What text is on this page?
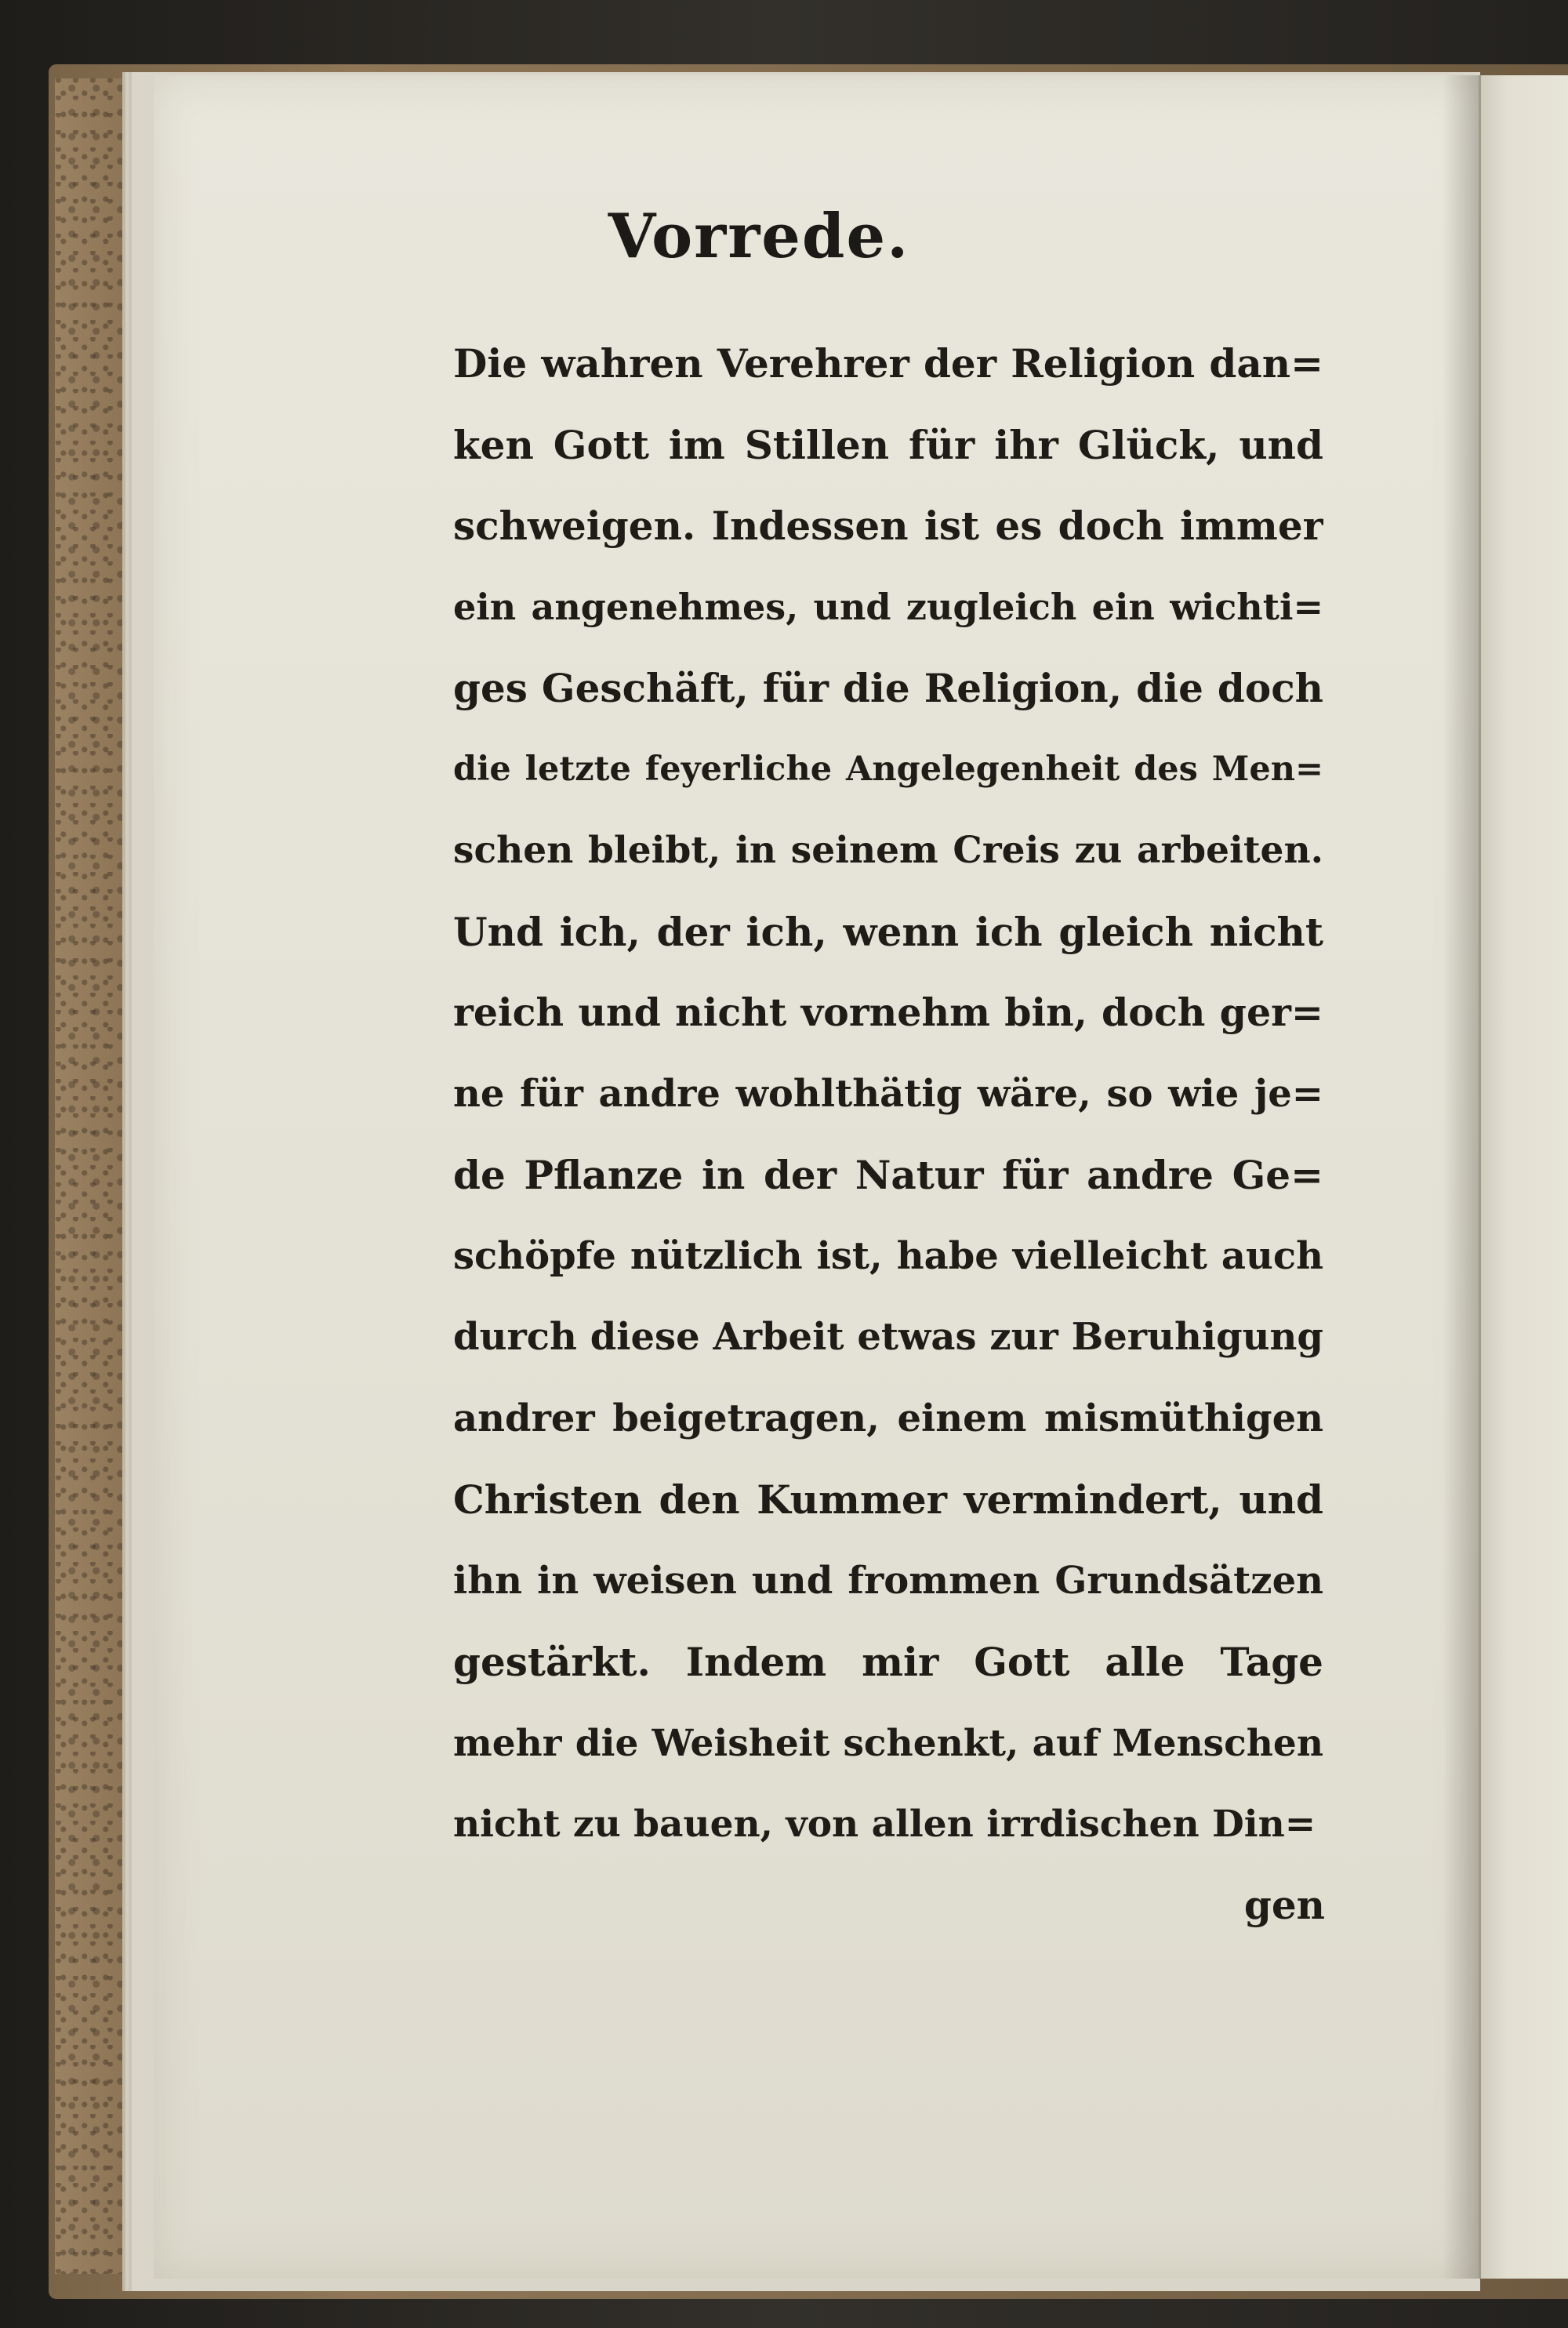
Vorrede.
Die wahren Verehrer der Religion dan=
ken Gott im Stillen für ihr Glück, und
schweigen. Indessen ist es doch immer
ein angenehmes, und zugleich ein wichti=
ges Geschäft, für die Religion, die doch
die letzte feyerliche Angelegenheit des Men=
schen bleibt, in seinem Creis zu arbeiten.
Und ich, der ich, wenn ich gleich nicht
reich und nicht vornehm bin, doch ger=
ne für andre wohlthätig wäre, so wie je=
de Pflanze in der Natur für andre Ge=
schöpfe nützlich ist, habe vielleicht auch
durch diese Arbeit etwas zur Beruhigung
andrer beigetragen, einem mismüthigen
Christen den Kummer vermindert, und
ihn in weisen und frommen Grundsätzen
gestärkt. Indem mir Gott alle Tage
mehr die Weisheit schenkt, auf Menschen
nicht zu bauen, von allen irrdischen Din=
gen
